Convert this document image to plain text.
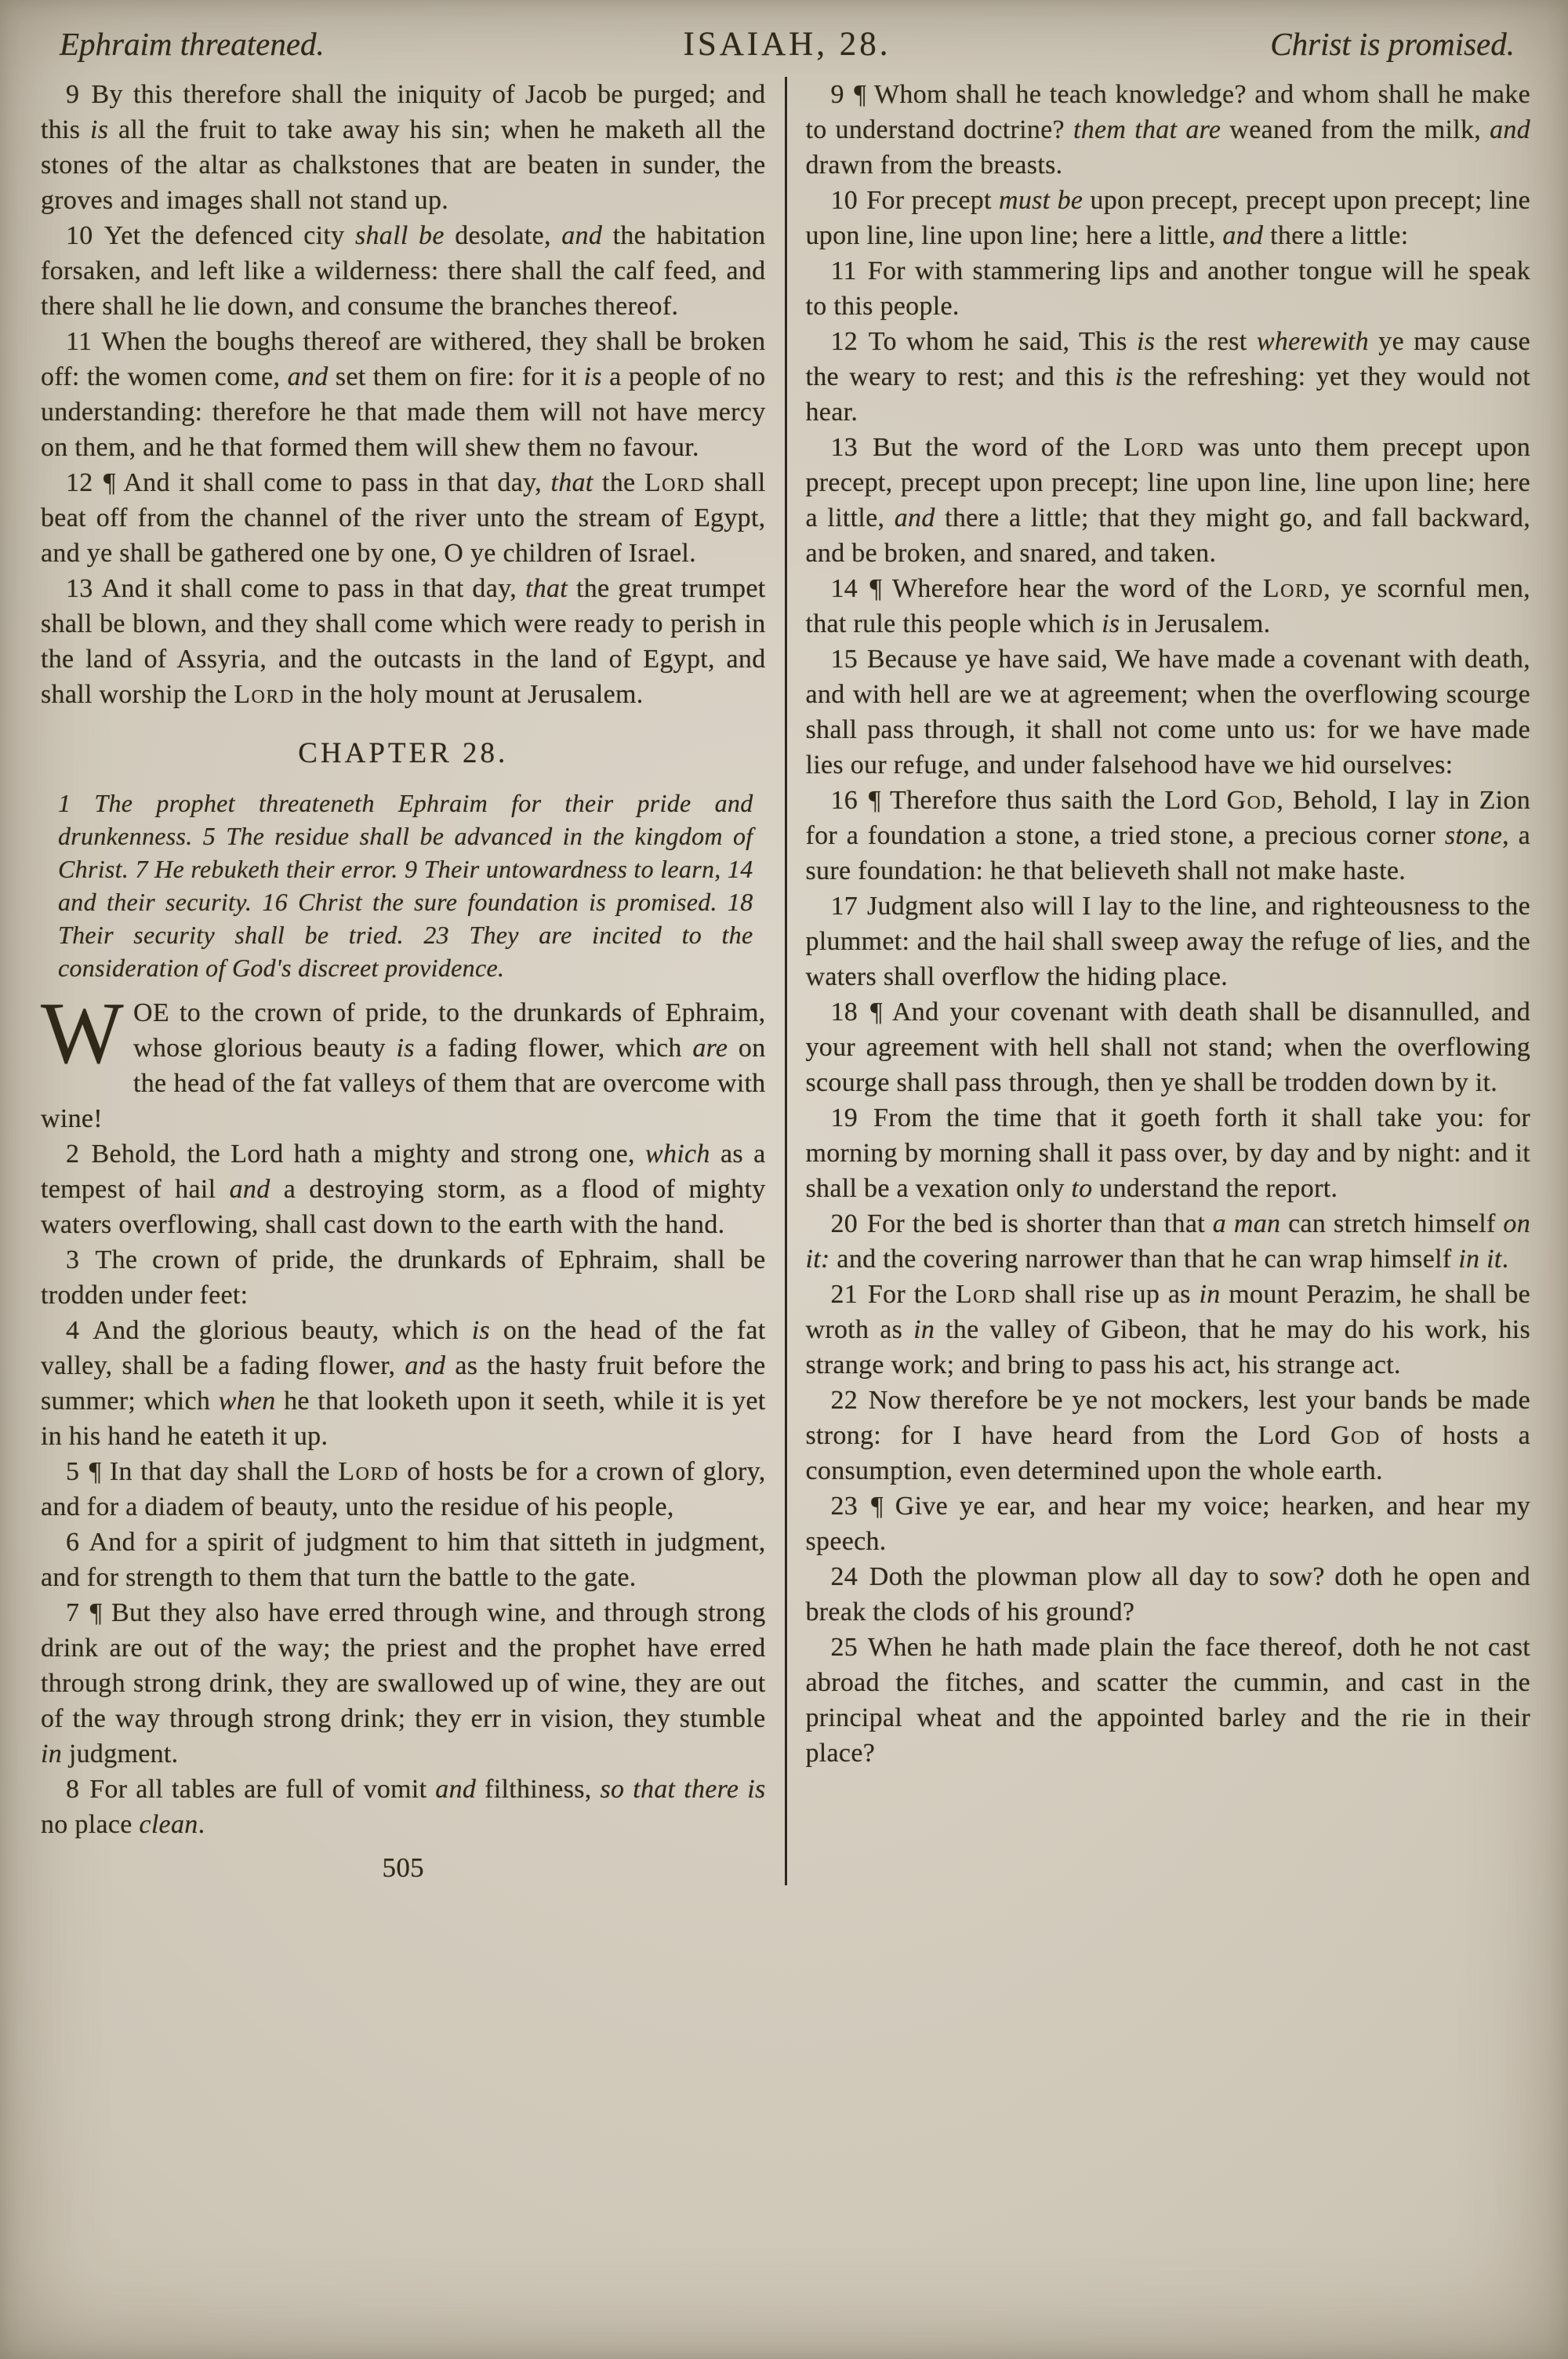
Ephraim threatened.	ISAIAH, 28.	Christ is promised.

9 By this therefore shall the iniquity of Jacob be purged; and this is all the fruit to take away his sin; when he maketh all the stones of the altar as chalkstones that are beaten in sunder, the groves and images shall not stand up.

10 Yet the defenced city shall be desolate, and the habitation forsaken, and left like a wilderness: there shall the calf feed, and there shall he lie down, and consume the branches thereof.

11 When the boughs thereof are withered, they shall be broken off: the women come, and set them on fire: for it is a people of no understanding: therefore he that made them will not have mercy on them, and he that formed them will shew them no favour.

12 ¶ And it shall come to pass in that day, that the Lord shall beat off from the channel of the river unto the stream of Egypt, and ye shall be gathered one by one, O ye children of Israel.

13 And it shall come to pass in that day, that the great trumpet shall be blown, and they shall come which were ready to perish in the land of Assyria, and the outcasts in the land of Egypt, and shall worship the Lord in the holy mount at Jerusalem.

CHAPTER 28.

1 The prophet threateneth Ephraim for their pride and drunkenness. 5 The residue shall be advanced in the kingdom of Christ. 7 He rebuketh their error. 9 Their untowardness to learn, 14 and their security. 16 Christ the sure foundation is promised. 18 Their security shall be tried. 23 They are incited to the consideration of God's discreet providence.

WOE to the crown of pride, to the drunkards of Ephraim, whose glorious beauty is a fading flower, which are on the head of the fat valleys of them that are overcome with wine!

2 Behold, the Lord hath a mighty and strong one, which as a tempest of hail and a destroying storm, as a flood of mighty waters overflowing, shall cast down to the earth with the hand.

3 The crown of pride, the drunkards of Ephraim, shall be trodden under feet:

4 And the glorious beauty, which is on the head of the fat valley, shall be a fading flower, and as the hasty fruit before the summer; which when he that looketh upon it seeth, while it is yet in his hand he eateth it up.

5 ¶ In that day shall the Lord of hosts be for a crown of glory, and for a diadem of beauty, unto the residue of his people,

6 And for a spirit of judgment to him that sitteth in judgment, and for strength to them that turn the battle to the gate.

7 ¶ But they also have erred through wine, and through strong drink are out of the way; the priest and the prophet have erred through strong drink, they are swallowed up of wine, they are out of the way through strong drink; they err in vision, they stumble in judgment.

8 For all tables are full of vomit and filthiness, so that there is no place clean.

505

9 ¶ Whom shall he teach knowledge? and whom shall he make to understand doctrine? them that are weaned from the milk, and drawn from the breasts.

10 For precept must be upon precept, precept upon precept; line upon line, line upon line; here a little, and there a little:

11 For with stammering lips and another tongue will he speak to this people.

12 To whom he said, This is the rest wherewith ye may cause the weary to rest; and this is the refreshing: yet they would not hear.

13 But the word of the Lord was unto them precept upon precept, precept upon precept; line upon line, line upon line; here a little, and there a little; that they might go, and fall backward, and be broken, and snared, and taken.

14 ¶ Wherefore hear the word of the Lord, ye scornful men, that rule this people which is in Jerusalem.

15 Because ye have said, We have made a covenant with death, and with hell are we at agreement; when the overflowing scourge shall pass through, it shall not come unto us: for we have made lies our refuge, and under falsehood have we hid ourselves:

16 ¶ Therefore thus saith the Lord God, Behold, I lay in Zion for a foundation a stone, a tried stone, a precious corner stone, a sure foundation: he that believeth shall not make haste.

17 Judgment also will I lay to the line, and righteousness to the plummet: and the hail shall sweep away the refuge of lies, and the waters shall overflow the hiding place.

18 ¶ And your covenant with death shall be disannulled, and your agreement with hell shall not stand; when the overflowing scourge shall pass through, then ye shall be trodden down by it.

19 From the time that it goeth forth it shall take you: for morning by morning shall it pass over, by day and by night: and it shall be a vexation only to understand the report.

20 For the bed is shorter than that a man can stretch himself on it: and the covering narrower than that he can wrap himself in it.

21 For the Lord shall rise up as in mount Perazim, he shall be wroth as in the valley of Gibeon, that he may do his work, his strange work; and bring to pass his act, his strange act.

22 Now therefore be ye not mockers, lest your bands be made strong: for I have heard from the Lord God of hosts a consumption, even determined upon the whole earth.

23 ¶ Give ye ear, and hear my voice; hearken, and hear my speech.

24 Doth the plowman plow all day to sow? doth he open and break the clods of his ground?

25 When he hath made plain the face thereof, doth he not cast abroad the fitches, and scatter the cummin, and cast in the principal wheat and the appointed barley and the rie in their place?
